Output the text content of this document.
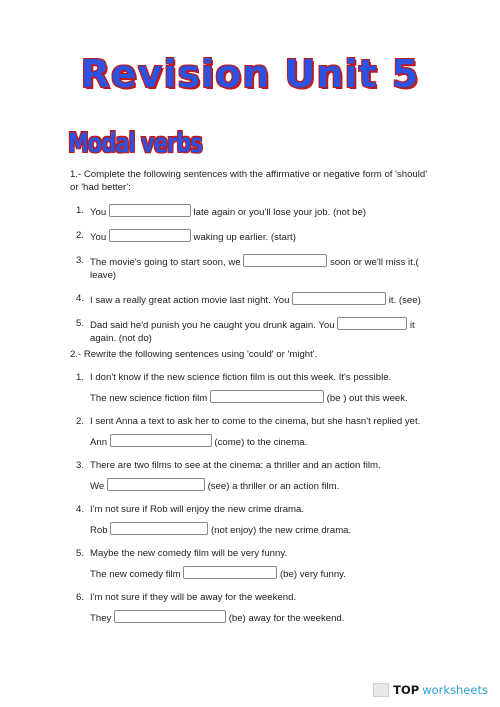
Revision Unit 5
Modal verbs
1.- Complete the following sentences with the affirmative or negative form of 'should' or 'had better':
1. You	late again or you'll lose your job. (not be)
2. You	waking up earlier. (start)
3. The movie's going to start soon, we	soon or we'll miss it.( leave)
4. I saw a really great action movie last night. You	it. (see)
5. Dad said he'd punish you he caught you drunk again. You	it again. (not do)
2.- Rewrite the following sentences using 'could' or 'might'.
1. I don't know if the new science fiction film is out this week. It's possible.
The new science fiction film	(be ) out this week.
2. I sent Anna a text to ask her to come to the cinema, but she hasn't replied yet.
Ann	(come) to the cinema.
3. There are two films to see at the cinema: a thriller and an action film.
We	(see) a thriller or an action film.
4. I'm not sure if Rob will enjoy the new crime drama.
Rob	(not enjoy) the new crime drama.
5. Maybe the new comedy film will be very funny.
The new comedy film	(be) very funny.
6. I'm not sure if they will be away for the weekend.
They	(be) away for the weekend.
TOP worksheets
